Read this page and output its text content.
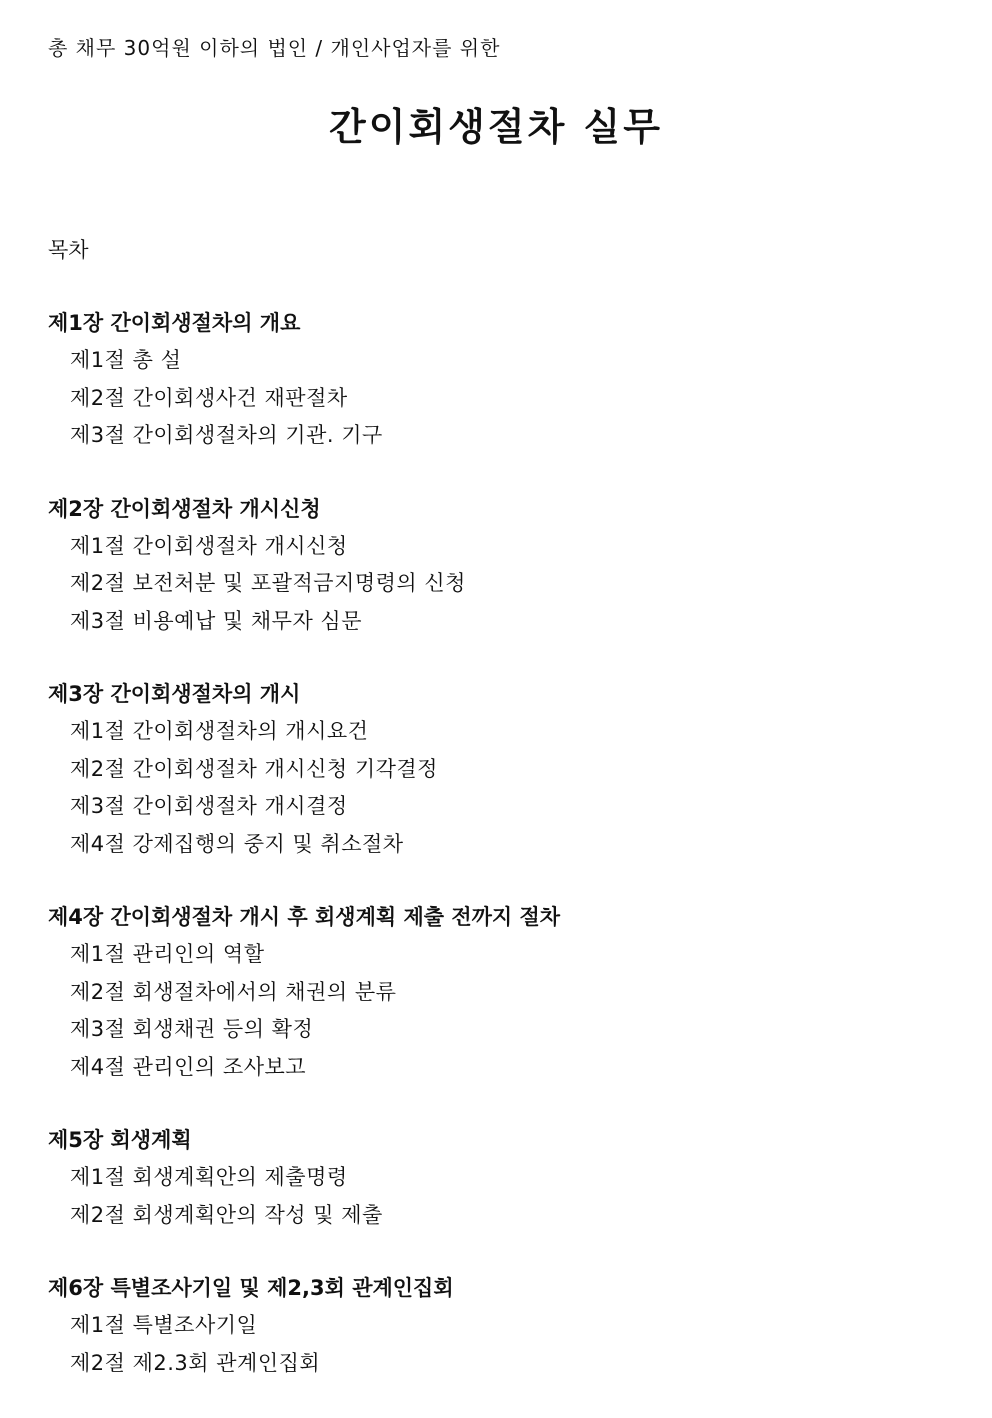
총 채무 30억원 이하의 법인 / 개인사업자를 위한
간이회생절차 실무
목차
제1장 간이회생절차의 개요
제1절 총 설
제2절 간이회생사건 재판절차
제3절 간이회생절차의 기관. 기구
제2장 간이회생절차 개시신청
제1절 간이회생절차 개시신청
제2절 보전처분 및 포괄적금지명령의 신청
제3절 비용예납 및 채무자 심문
제3장 간이회생절차의 개시
제1절 간이회생절차의 개시요건
제2절 간이회생절차 개시신청 기각결정
제3절 간이회생절차 개시결정
제4절 강제집행의 중지 및 취소절차
제4장 간이회생절차 개시 후 회생계획 제출 전까지 절차
제1절 관리인의 역할
제2절 회생절차에서의 채권의 분류
제3절 회생채권 등의 확정
제4절 관리인의 조사보고
제5장 회생계획
제1절 회생계획안의 제출명령
제2절 회생계획안의 작성 및 제출
제6장 특별조사기일 및 제2,3회 관계인집회
제1절 특별조사기일
제2절 제2.3회 관계인집회
